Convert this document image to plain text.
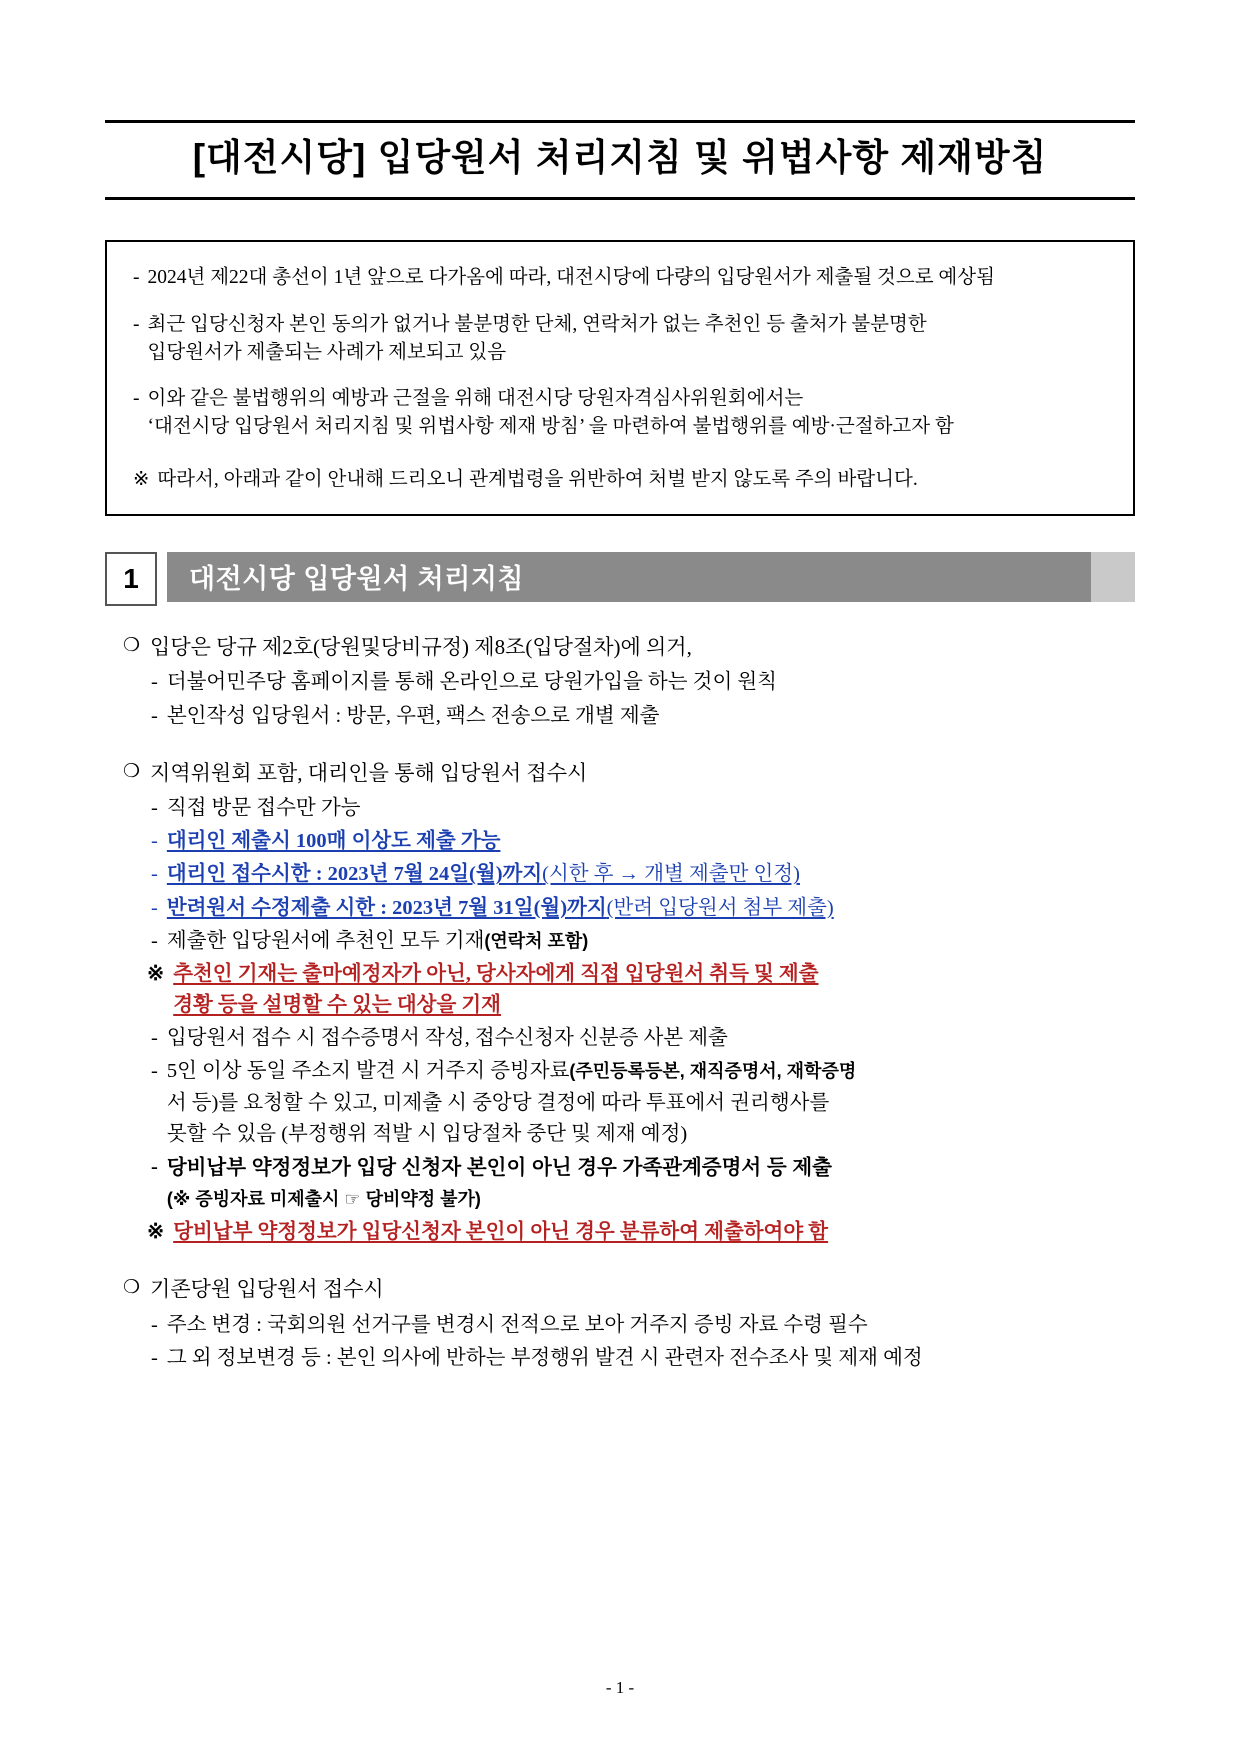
[대전시당] 입당원서 처리지침 및 위법사항 제재방침
- 2024년 제22대 총선이 1년 앞으로 다가옴에 따라, 대전시당에 다량의 입당원서가 제출될 것으로 예상됨
- 최근 입당신청자 본인 동의가 없거나 불분명한 단체, 연락처가 없는 추천인 등 출처가 불분명한
입당원서가 제출되는 사례가 제보되고 있음
- 이와 같은 불법행위의 예방과 근절을 위해 대전시당 당원자격심사위원회에서는
‘대전시당 입당원서 처리지침 및 위법사항 제재 방침’ 을 마련하여 불법행위를 예방·근절하고자 함
※ 따라서, 아래과 같이 안내해 드리오니 관계법령을 위반하여 처벌 받지 않도록 주의 바랍니다.
1	대전시당 입당원서 처리지침
❍ 입당은 당규 제2호(당원및당비규정) 제8조(입당절차)에 의거,
- 더불어민주당 홈페이지를 통해 온라인으로 당원가입을 하는 것이 원칙
- 본인작성 입당원서 : 방문, 우편, 팩스 전송으로 개별 제출
❍ 지역위원회 포함, 대리인을 통해 입당원서 접수시
- 직접 방문 접수만 가능
- 대리인 제출시 100매 이상도 제출 가능
- 대리인 접수시한 : 2023년 7월 24일(월)까지(시한 후 → 개별 제출만 인정)
- 반려원서 수정제출 시한 : 2023년 7월 31일(월)까지(반려 입당원서 첨부 제출)
- 제출한 입당원서에 추천인 모두 기재(연락처 포함)
※ 추천인 기재는 출마예정자가 아닌, 당사자에게 직접 입당원서 취득 및 제출
경황 등을 설명할 수 있는 대상을 기재
- 입당원서 접수 시 접수증명서 작성, 접수신청자 신분증 사본 제출
- 5인 이상 동일 주소지 발견 시 거주지 증빙자료(주민등록등본, 재직증명서, 재학증명
서 등)를 요청할 수 있고, 미제출 시 중앙당 결정에 따라 투표에서 권리행사를
못할 수 있음 (부정행위 적발 시 입당절차 중단 및 제재 예정)
- 당비납부 약정정보가 입당 신청자 본인이 아닌 경우 가족관계증명서 등 제출
(※ 증빙자료 미제출시 ☞ 당비약정 불가)
※ 당비납부 약정정보가 입당신청자 본인이 아닌 경우 분류하여 제출하여야 함
❍ 기존당원 입당원서 접수시
- 주소 변경 : 국회의원 선거구를 변경시 전적으로 보아 거주지 증빙 자료 수령 필수
- 그 외 정보변경 등 : 본인 의사에 반하는 부정행위 발견 시 관련자 전수조사 및 제재 예정
- 1 -
